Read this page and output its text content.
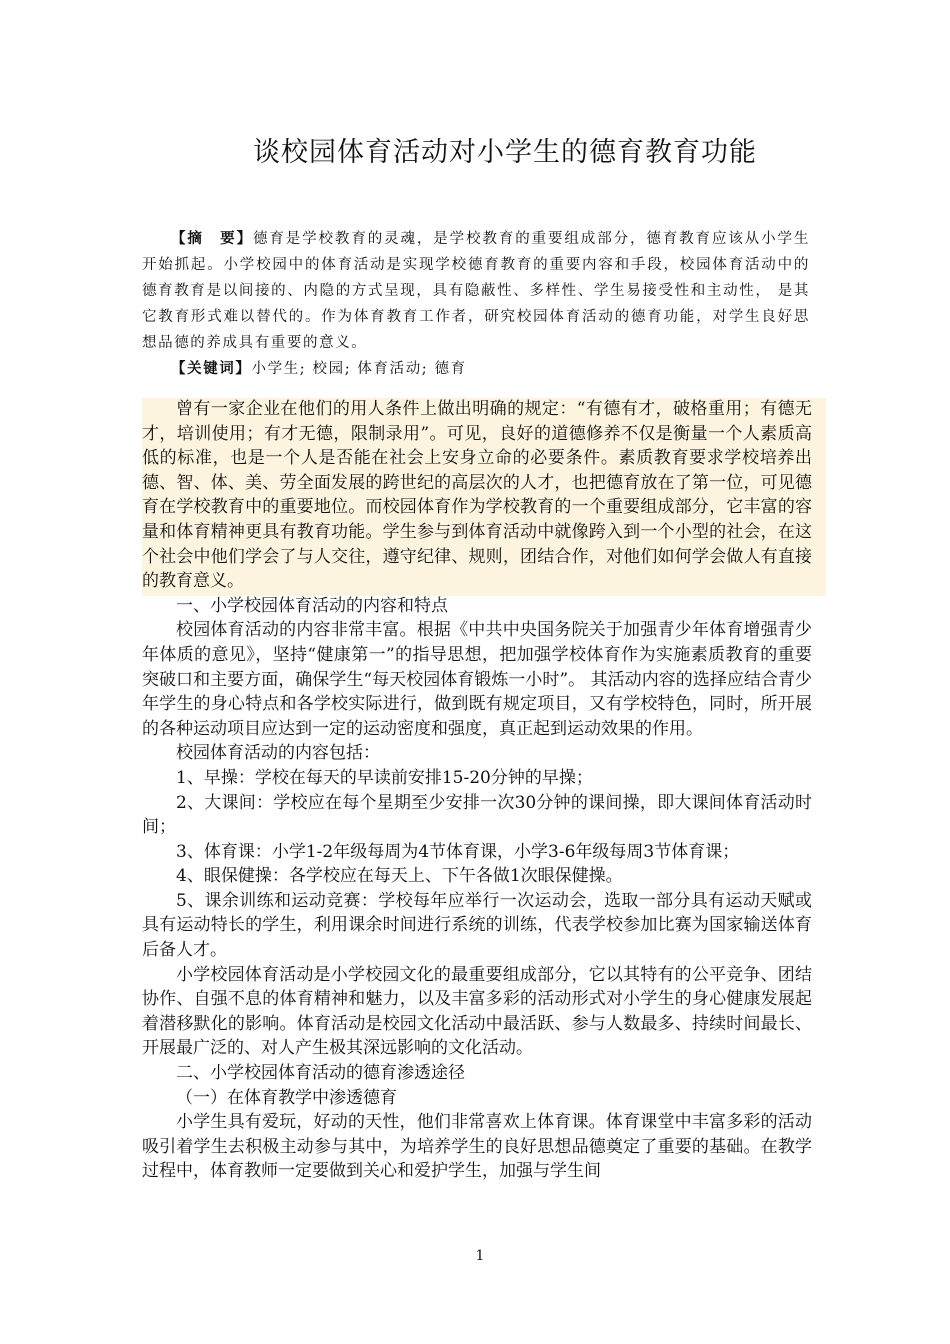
谈校园体育活动对小学生的德育教育功能

【摘　要】德育是学校教育的灵魂，是学校教育的重要组成部分，德育教育应该从小学生开始抓起。小学校园中的体育活动是实现学校德育教育的重要内容和手段，校园体育活动中的德育教育是以间接的、内隐的方式呈现，具有隐蔽性、多样性、学生易接受性和主动性， 是其它教育形式难以替代的。作为体育教育工作者，研究校园体育活动的德育功能，对学生良好思想品德的养成具有重要的意义。

【关键词】小学生; 校园; 体育活动; 德育

曾有一家企业在他们的用人条件上做出明确的规定：“有德有才，破格重用；有德无才，培训使用；有才无德，限制录用”。可见，良好的道德修养不仅是衡量一个人素质高低的标准，也是一个人是否能在社会上安身立命的必要条件。素质教育要求学校培养出德、智、体、美、劳全面发展的跨世纪的高层次的人才，也把德育放在了第一位，可见德育在学校教育中的重要地位。而校园体育作为学校教育的一个重要组成部分，它丰富的容量和体育精神更具有教育功能。学生参与到体育活动中就像跨入到一个小型的社会，在这个社会中他们学会了与人交往，遵守纪律、规则，团结合作，对他们如何学会做人有直接的教育意义。

一、小学校园体育活动的内容和特点

校园体育活动的内容非常丰富。根据《中共中央国务院关于加强青少年体育增强青少年体质的意见》，坚持“健康第一”的指导思想，把加强学校体育作为实施素质教育的重要突破口和主要方面，确保学生“每天校园体育锻炼一小时”。 其活动内容的选择应结合青少年学生的身心特点和各学校实际进行，做到既有规定项目，又有学校特色，同时，所开展的各种运动项目应达到一定的运动密度和强度，真正起到运动效果的作用。

校园体育活动的内容包括：

1、早操：学校在每天的早读前安排15-20分钟的早操；

2、大课间：学校应在每个星期至少安排一次30分钟的课间操，即大课间体育活动时间；

3、体育课：小学1-2年级每周为4节体育课，小学3-6年级每周3节体育课；

4、眼保健操：各学校应在每天上、下午各做1次眼保健操。

5、课余训练和运动竞赛：学校每年应举行一次运动会，选取一部分具有运动天赋或具有运动特长的学生，利用课余时间进行系统的训练，代表学校参加比赛为国家输送体育后备人才。

小学校园体育活动是小学校园文化的最重要组成部分，它以其特有的公平竞争、团结协作、自强不息的体育精神和魅力，以及丰富多彩的活动形式对小学生的身心健康发展起着潜移默化的影响。体育活动是校园文化活动中最活跃、参与人数最多、持续时间最长、开展最广泛的、对人产生极其深远影响的文化活动。

二、小学校园体育活动的德育渗透途径

（一）在体育教学中渗透德育

小学生具有爱玩，好动的天性，他们非常喜欢上体育课。体育课堂中丰富多彩的活动吸引着学生去积极主动参与其中，为培养学生的良好思想品德奠定了重要的基础。在教学过程中，体育教师一定要做到关心和爱护学生，加强与学生间

1
